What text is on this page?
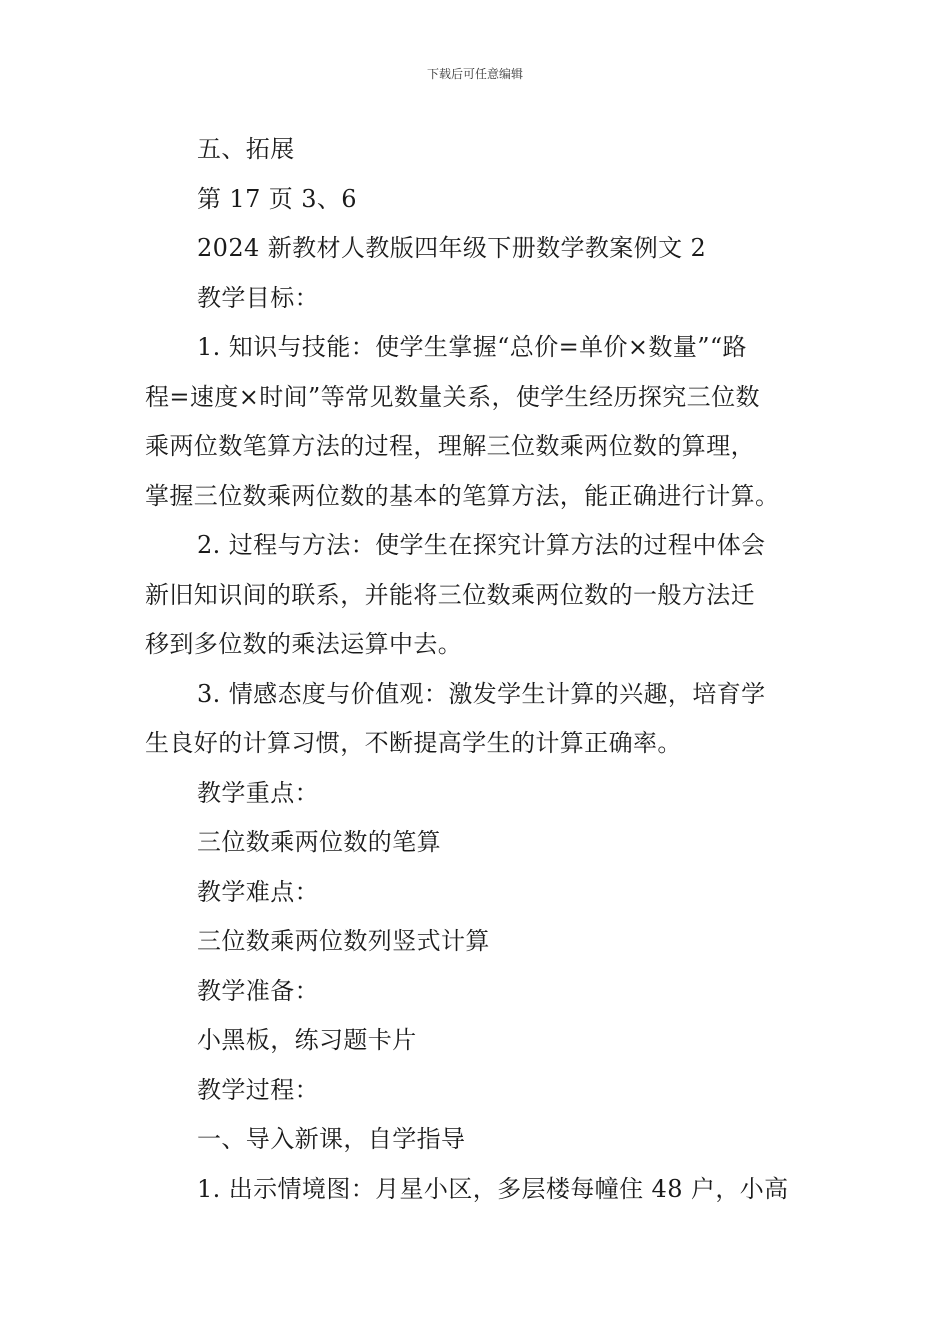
下载后可任意编辑
五、拓展
第 17 页 3、6
2024 新教材人教版四年级下册数学教案例文 2
教学目标：
1. 知识与技能：使学生掌握“总价=单价×数量”“路
程=速度×时间”等常见数量关系，使学生经历探究三位数
乘两位数笔算方法的过程，理解三位数乘两位数的算理，
掌握三位数乘两位数的基本的笔算方法，能正确进行计算。
2. 过程与方法：使学生在探究计算方法的过程中体会
新旧知识间的联系，并能将三位数乘两位数的一般方法迁
移到多位数的乘法运算中去。
3. 情感态度与价值观：激发学生计算的兴趣，培育学
生良好的计算习惯，不断提高学生的计算正确率。
教学重点：
三位数乘两位数的笔算
教学难点：
三位数乘两位数列竖式计算
教学准备：
小黑板，练习题卡片
教学过程：
一、导入新课，自学指导
1. 出示情境图：月星小区，多层楼每幢住 48 户，小高
